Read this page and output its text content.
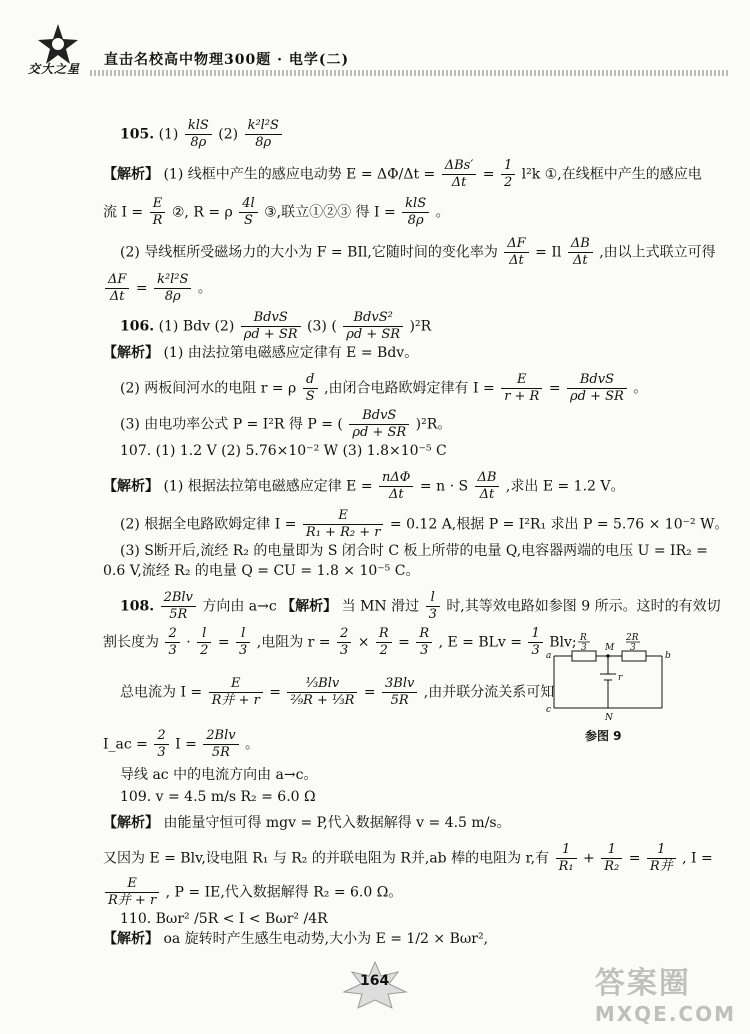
交大之星
直击名校高中物理300题 · 电学(二)
105. $(1) \frac{\text{klS}}{8\rho} (2) \frac{\text{k²l²S}}{8\rho}$
【解析】 (1) 线框中产生的感应电动势 $E = \Delta\Phi/\Delta t = \frac{\text{ΔBs′}}{\Delta t} = \frac{1}{2} l^2k$ ①,在线框中产生的感应电
流 $I = \frac{E}{R}$ ②, R = ρ $\frac{4l}{S}$ ③,联立①②③ 得 $I = \frac{\text{klS}}{8\rho}$ 。
(2) 导线框所受磁场力的大小为 F = BIl,它随时间的变化率为 $\frac{\Delta F}{\Delta t} = Il \frac{\Delta B}{\Delta t}$ ,由以上式联立可得
$\frac{\Delta F}{\Delta t} = \frac{\text{k²l²S}}{8\rho}$ 。
106. (1) Bdv $(2) \frac{\text{BdvS}}{\rho d + SR} (3)$ ( $\frac{\text{BdvS²}}{\rho d + SR} )^2R$
【解析】 (1) 由法拉第电磁感应定律有 E = Bdv。
(2) 两板间河水的电阻 r = ρ $\frac{d}{S}$ ,由闭合电路欧姆定律有 $I = \frac{E}{r + R} = \frac{\text{BdvS}}{\rho d + SR}$ 。
(3) 由电功率公式 P = I²R 得 P = ( $\frac{\text{BdvS}}{\rho d + SR} )^2R$。
107. (1) 1.2 V (2) 5.76×10⁻² W (3) 1.8×10⁻⁵ C
【解析】 (1) 根据法拉第电磁感应定律 $E = \frac{\text{nΔΦ}}{\Delta t} = n \cdot S \frac{\Delta B}{\Delta t}$ ,求出 E = 1.2 V。
(2) 根据全电路欧姆定律 $I = \frac{E}{\text{R₁ + R₂ + r}} = 0.12$ A,根据 P = I²R₁ 求出 P = 5.76 × 10⁻² W。
(3) S断开后,流经 R₂ 的电量即为 S 闭合时 C 板上所带的电量 Q,电容器两端的电压 U = IR₂ =
0.6 V,流经 R₂ 的电量 Q = CU = 1.8 × 10⁻⁵ C。
108. $\frac{\text{2Blv}}{5R}$ 方向由 a→c 【解析】 当 MN 滑过 $\frac{l}{3}$ 时,其等效电路如参图 9 所示。这时的有效切
割长度为 $\frac{2}{3} \cdot \frac{l}{2} = \frac{l}{3}$ ,电阻为 $r = \frac{2}{3} \times \frac{R}{2} = \frac{R}{3}$ , E = BLv = $\frac{1}{3}$ Blv;
总电流为 $I = \frac{E}{\text{R并 + r}} = \frac{\text{⅓Blv}}{\text{²⁄₉R + ⅓R}} = \frac{\text{3Blv}}{5R}$ ,由并联分流关系可知
I_ac = $\frac{2}{3}$ $I = \frac{\text{2Blv}}{5R}$ 。
导线 ac 中的电流方向由 a→c。
R
3
2R
3
a	b
c
M
N
r
参图 9
109. v = 4.5 m/s R₂ = 6.0 Ω
【解析】 由能量守恒可得 mgv = P,代入数据解得 v = 4.5 m/s。
又因为 E = Blv,设电阻 R₁ 与 R₂ 的并联电阻为 R并,ab 棒的电阻为 r,有 $\frac{1}{\text{R₁}} + \frac{1}{\text{R₂}} = \frac{1}{\text{R并}}$ , I =
$\frac{E}{\text{R并 + r}}$ , P = IE,代入数据解得 R₂ = 6.0 Ω。
110. Bωr² /5R < I < Bωr² /4R
【解析】 oa 旋转时产生感生电动势,大小为 E = 1/2 × Bωr²,
164	答案圈
MXQE.COM
